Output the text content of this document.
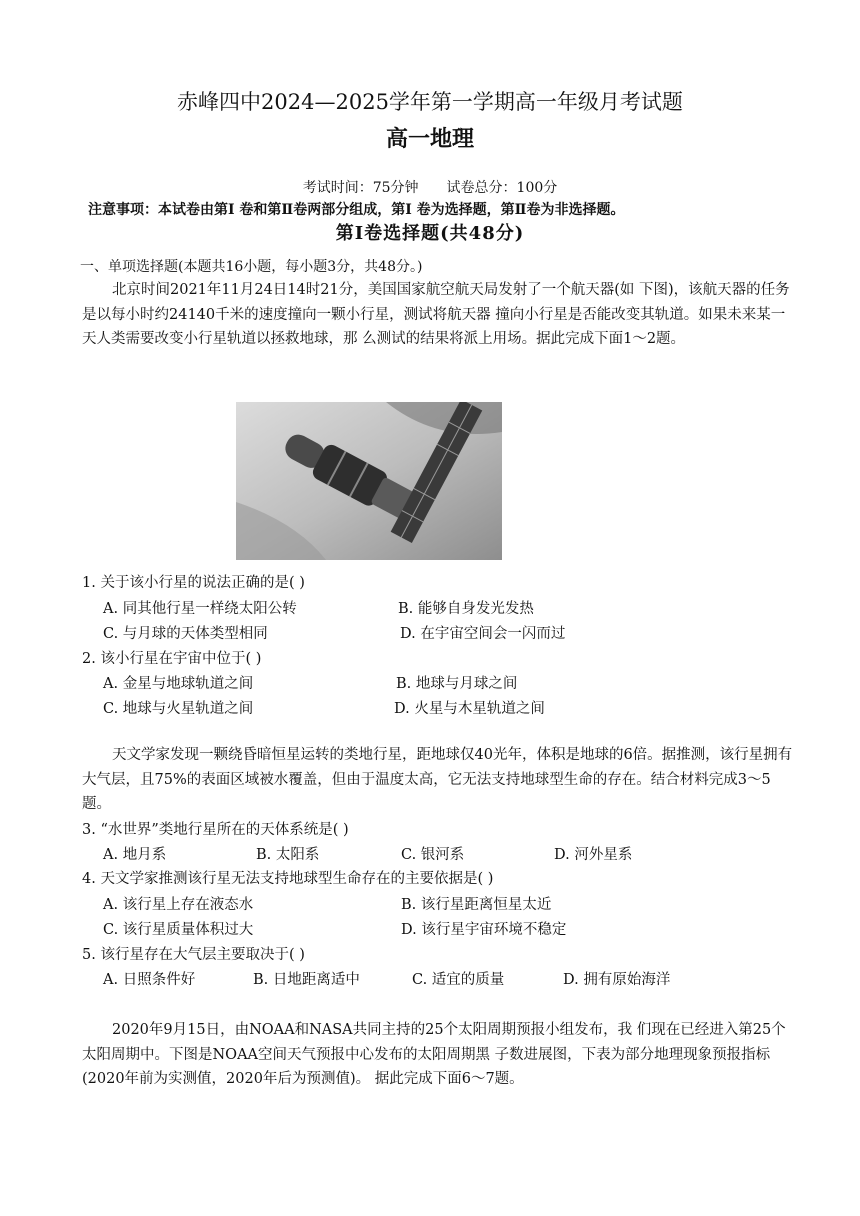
赤峰四中2024—2025学年第一学期高一年级月考试题
高一地理
考试时间：75分钟　　试卷总分：100分
注意事项：本试卷由第Ⅰ 卷和第Ⅱ卷两部分组成，第Ⅰ 卷为选择题，第Ⅱ卷为非选择题。
第Ⅰ卷选择题(共48分)
一、单项选择题(本题共16小题，每小题3分，共48分。)
北京时间2021年11月24日14时21分，美国国家航空航天局发射了一个航天器(如 下图)，该航天器的任务是以每小时约24140千米的速度撞向一颗小行星，测试将航天器 撞向小行星是否能改变其轨道。如果未来某一天人类需要改变小行星轨道以拯救地球，那 么测试的结果将派上用场。据此完成下面1～2题。
1. 关于该小行星的说法正确的是( )
A. 同其他行星一样绕太阳公转	B. 能够自身发光发热
C. 与月球的天体类型相同	D. 在宇宙空间会一闪而过
2. 该小行星在宇宙中位于( )
A. 金星与地球轨道之间	B. 地球与月球之间
C. 地球与火星轨道之间	D. 火星与木星轨道之间
天文学家发现一颗绕昏暗恒星运转的类地行星，距地球仅40光年，体积是地球的6倍。据推测，该行星拥有大气层，且75%的表面区域被水覆盖，但由于温度太高，它无法支持地球型生命的存在。结合材料完成3～5题。
3. “水世界”类地行星所在的天体系统是( )
A. 地月系	B. 太阳系	C. 银河系	D. 河外星系
4. 天文学家推测该行星无法支持地球型生命存在的主要依据是( )
A. 该行星上存在液态水	B. 该行星距离恒星太近
C. 该行星质量体积过大	D. 该行星宇宙环境不稳定
5. 该行星存在大气层主要取决于( )
A. 日照条件好	B. 日地距离适中	C. 适宜的质量	D. 拥有原始海洋
2020年9月15日，由NOAA和NASA共同主持的25个太阳周期预报小组发布，我 们现在已经进入第25个太阳周期中。下图是NOAA空间天气预报中心发布的太阳周期黑 子数进展图，下表为部分地理现象预报指标(2020年前为实测值，2020年后为预测值)。 据此完成下面6～7题。
